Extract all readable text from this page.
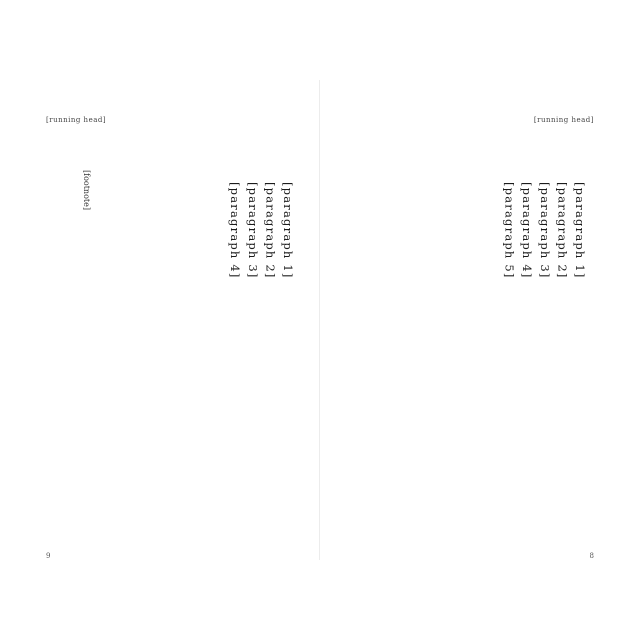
[running head]

[paragraph 1]

[paragraph 2]

[paragraph 3]

[paragraph 4]

[footnote]
9
[running head]

[paragraph 1]

[paragraph 2]

[paragraph 3]

[paragraph 4]

[paragraph 5]

8
